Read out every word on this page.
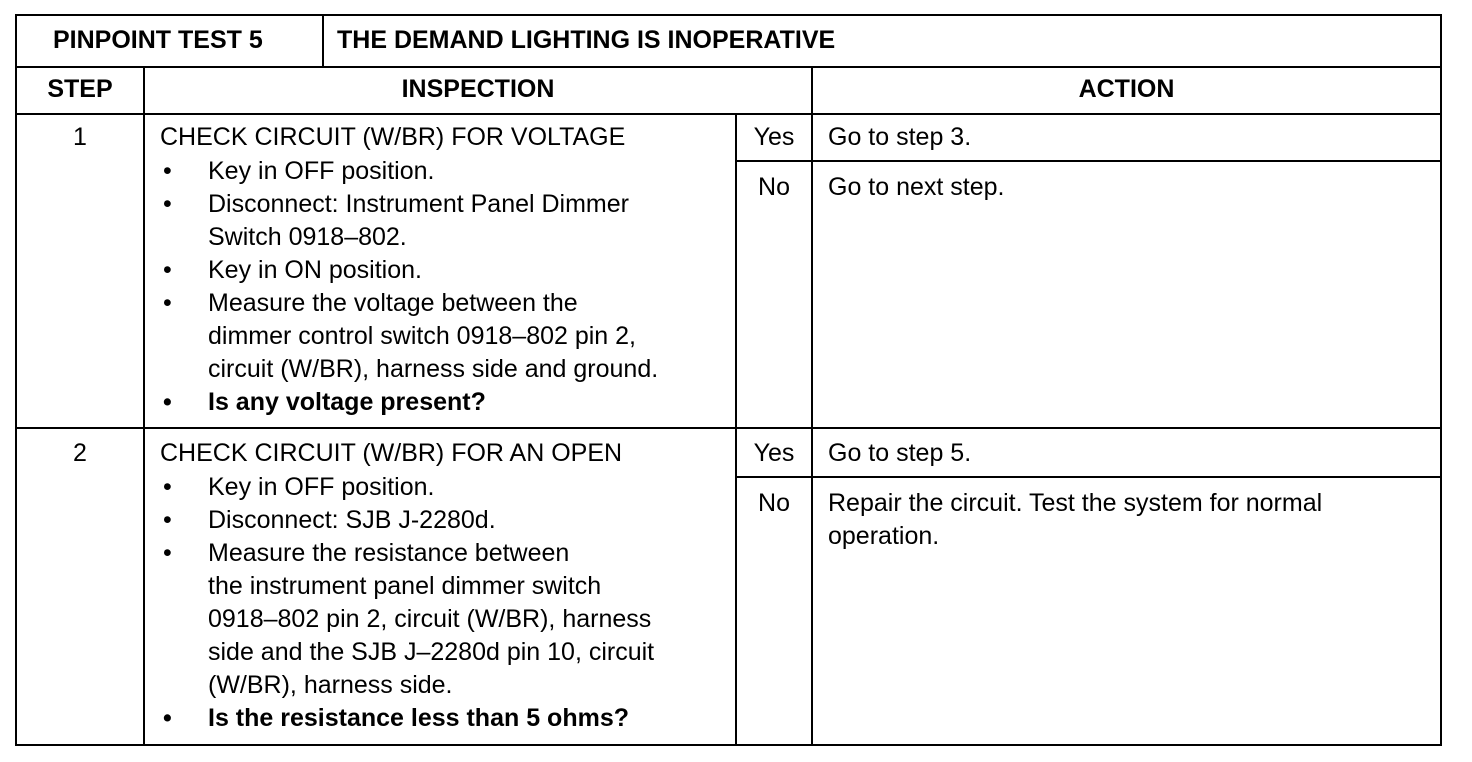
PINPOINT TEST 5	THE DEMAND LIGHTING IS INOPERATIVE
STEP	INSPECTION	ACTION
1	CHECK CIRCUIT (W/BR) FOR VOLTAGE
• Key in OFF position.
• Disconnect: Instrument Panel Dimmer
Switch 0918–802.
• Key in ON position.
• Measure the voltage between the
dimmer control switch 0918–802 pin 2,
circuit (W/BR), harness side and ground.
• Is any voltage present?
Yes	Go to step 3.
No	Go to next step.
2	CHECK CIRCUIT (W/BR) FOR AN OPEN
• Key in OFF position.
• Disconnect: SJB J-2280d.
• Measure the resistance between
the instrument panel dimmer switch
0918–802 pin 2, circuit (W/BR), harness
side and the SJB J–2280d pin 10, circuit
(W/BR), harness side.
• Is the resistance less than 5 ohms?
Yes	Go to step 5.
No	Repair the circuit. Test the system for normal
operation.
